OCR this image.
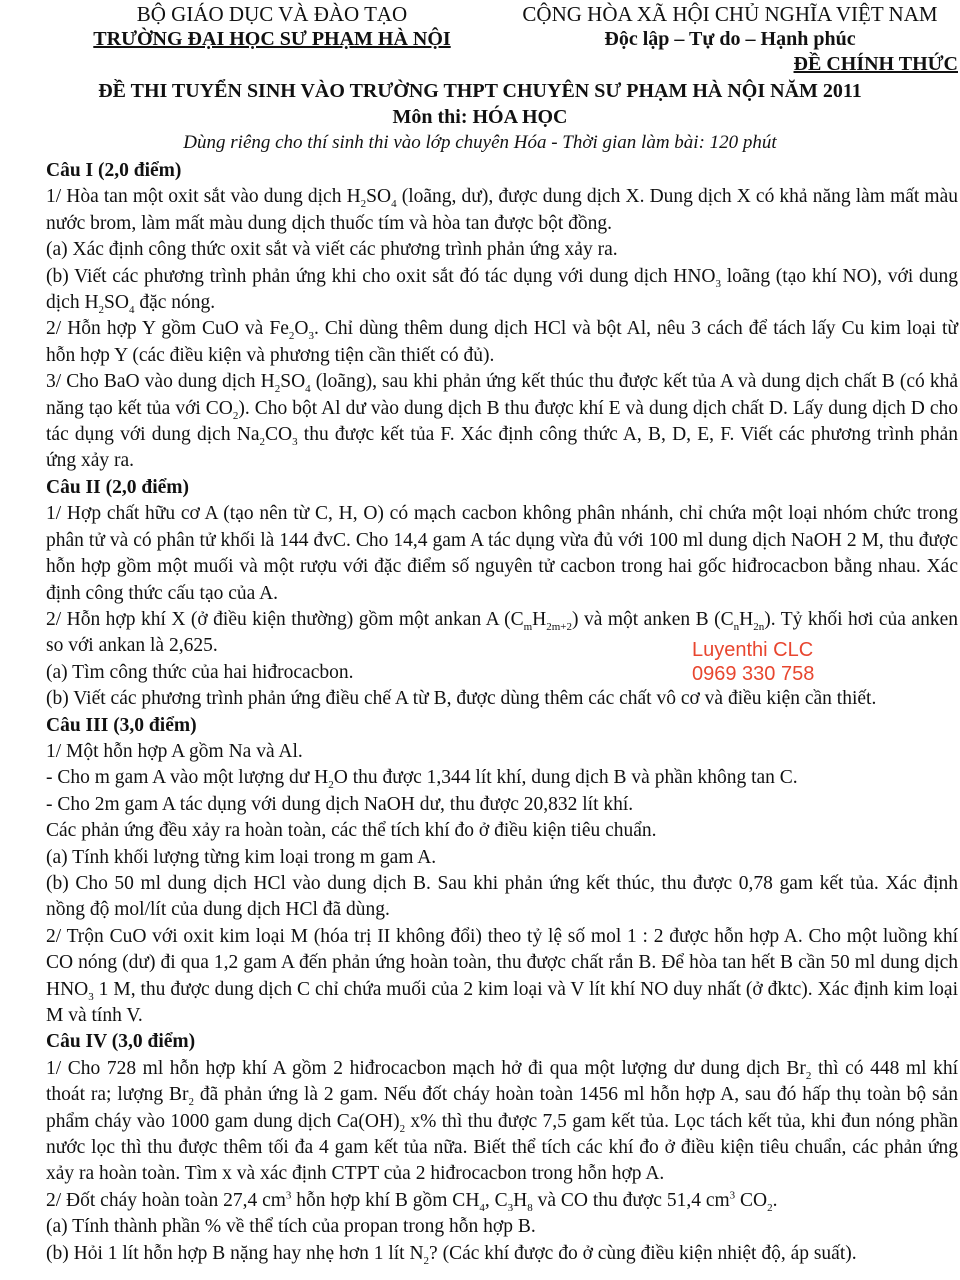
BỘ GIÁO DỤC VÀ ĐÀO TẠO
TRƯỜNG ĐẠI HỌC SƯ PHẠM HÀ NỘI
CỘNG HÒA XÃ HỘI CHỦ NGHĨA VIỆT NAM
Độc lập – Tự do – Hạnh phúc
ĐỀ CHÍNH THỨC
ĐỀ THI TUYỂN SINH VÀO TRƯỜNG THPT CHUYÊN SƯ PHẠM HÀ NỘI NĂM 2011
Môn thi: HÓA HỌC
Dùng riêng cho thí sinh thi vào lớp chuyên Hóa - Thời gian làm bài: 120 phút

Câu I (2,0 điểm)

1/ Hòa tan một oxit sắt vào dung dịch $H_2SO_4$ (loãng, dư), được dung dịch X. Dung dịch X có khả năng làm mất màu nước brom, làm mất màu dung dịch thuốc tím và hòa tan được bột đồng.

(a) Xác định công thức oxit sắt và viết các phương trình phản ứng xảy ra.

(b) Viết các phương trình phản ứng khi cho oxit sắt đó tác dụng với dung dịch $HNO_3$ loãng (tạo khí NO), với dung dịch $H_2SO_4$ đặc nóng.

2/ Hỗn hợp Y gồm CuO và $Fe_2O_3$. Chỉ dùng thêm dung dịch HCl và bột Al, nêu 3 cách để tách lấy Cu kim loại từ hỗn hợp Y (các điều kiện và phương tiện cần thiết có đủ).

3/ Cho BaO vào dung dịch $H_2SO_4$ (loãng), sau khi phản ứng kết thúc thu được kết tủa A và dung dịch chất B (có khả năng tạo kết tủa với $CO_2$). Cho bột Al dư vào dung dịch B thu được khí E và dung dịch chất D. Lấy dung dịch D cho tác dụng với dung dịch $Na_2CO_3$ thu được kết tủa F. Xác định công thức A, B, D, E, F. Viết các phương trình phản ứng xảy ra.

Câu II (2,0 điểm)

1/ Hợp chất hữu cơ A (tạo nên từ C, H, O) có mạch cacbon không phân nhánh, chỉ chứa một loại nhóm chức trong phân tử và có phân tử khối là 144 đvC. Cho 14,4 gam A tác dụng vừa đủ với 100 ml dung dịch NaOH 2 M, thu được hỗn hợp gồm một muối và một rượu với đặc điểm số nguyên tử cacbon trong hai gốc hiđrocacbon bằng nhau. Xác định công thức cấu tạo của A.

2/ Hỗn hợp khí X (ở điều kiện thường) gồm một ankan A $(C_mH_{2m+2})$ và một anken B $(C_nH_{2n})$. Tỷ khối hơi của anken so với ankan là 2,625.

(a) Tìm công thức của hai hiđrocacbon.

(b) Viết các phương trình phản ứng điều chế A từ B, được dùng thêm các chất vô cơ và điều kiện cần thiết.

Câu III (3,0 điểm)

1/ Một hỗn hợp A gồm Na và Al.

- Cho m gam A vào một lượng dư $H_2O$ thu được 1,344 lít khí, dung dịch B và phần không tan C.

- Cho 2m gam A tác dụng với dung dịch NaOH dư, thu được 20,832 lít khí.

Các phản ứng đều xảy ra hoàn toàn, các thể tích khí đo ở điều kiện tiêu chuẩn.

(a) Tính khối lượng từng kim loại trong m gam A.

(b) Cho 50 ml dung dịch HCl vào dung dịch B. Sau khi phản ứng kết thúc, thu được 0,78 gam kết tủa. Xác định nồng độ mol/lít của dung dịch HCl đã dùng.

2/ Trộn CuO với oxit kim loại M (hóa trị II không đổi) theo tỷ lệ số mol 1 : 2 được hỗn hợp A. Cho một luồng khí CO nóng (dư) đi qua 1,2 gam A đến phản ứng hoàn toàn, thu được chất rắn B. Để hòa tan hết B cần 50 ml dung dịch $HNO_3$ 1 M, thu được dung dịch C chỉ chứa muối của 2 kim loại và V lít khí NO duy nhất (ở đktc). Xác định kim loại M và tính V.

Câu IV (3,0 điểm)

1/ Cho 728 ml hỗn hợp khí A gồm 2 hiđrocacbon mạch hở đi qua một lượng dư dung dịch $Br_2$ thì có 448 ml khí thoát ra; lượng $Br_2$ đã phản ứng là 2 gam. Nếu đốt cháy hoàn toàn 1456 ml hỗn hợp A, sau đó hấp thụ toàn bộ sản phẩm cháy vào 1000 gam dung dịch $Ca(OH)_2$ x% thì thu được 7,5 gam kết tủa. Lọc tách kết tủa, khi đun nóng phần nước lọc thì thu được thêm tối đa 4 gam kết tủa nữa. Biết thể tích các khí đo ở điều kiện tiêu chuẩn, các phản ứng xảy ra hoàn toàn. Tìm x và xác định CTPT của 2 hiđrocacbon trong hỗn hợp A.

2/ Đốt cháy hoàn toàn 27,4 $cm^3$ hỗn hợp khí B gồm $CH_4$, $C_3H_8$ và CO thu được 51,4 $cm^3$ $CO_2$.

(a) Tính thành phần % về thể tích của propan trong hỗn hợp B.

(b) Hỏi 1 lít hỗn hợp B nặng hay nhẹ hơn 1 lít $N_2$? (Các khí được đo ở cùng điều kiện nhiệt độ, áp suất).

Luyenthi CLC
0969 330 758
